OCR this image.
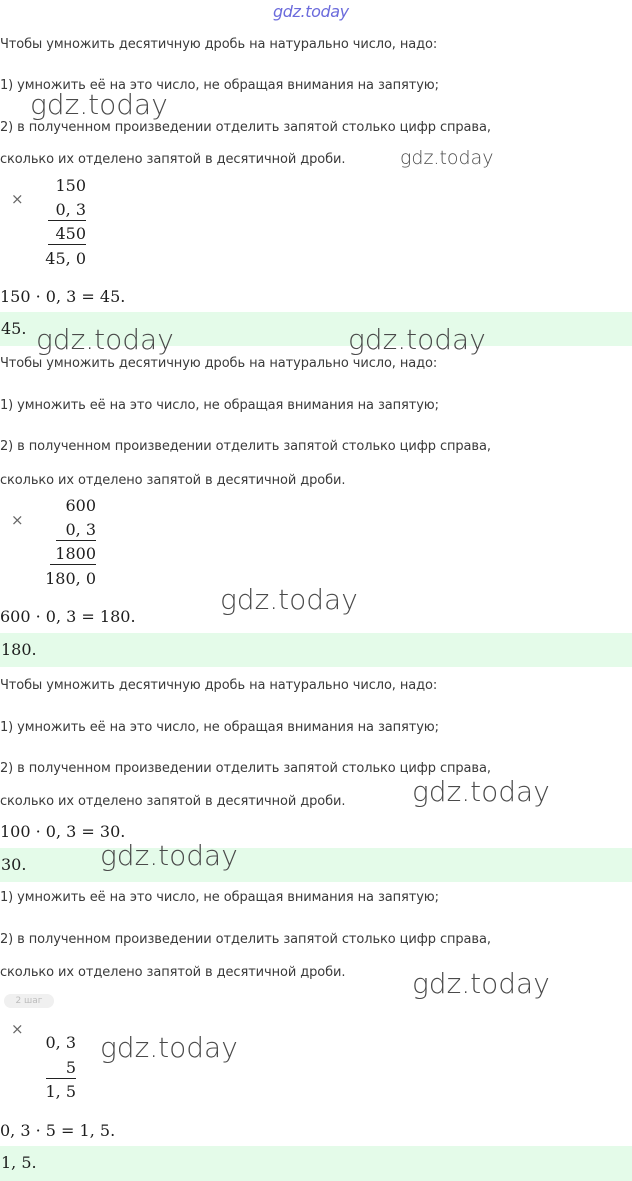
gdz.today
Чтобы умножить десятичную дробь на натурально число, надо:
1) умножить её на это число, не обращая внимания на запятую;
2) в полученном произведении отделить запятой столько цифр справа,
сколько их отделено запятой в десятичной дроби.
×
150
0, 3
450
45, 0
150 · 0, 3 = 45.
45.
Чтобы умножить десятичную дробь на натурально число, надо:
1) умножить её на это число, не обращая внимания на запятую;
2) в полученном произведении отделить запятой столько цифр справа,
сколько их отделено запятой в десятичной дроби.
×
600
0, 3
1800
180, 0
600 · 0, 3 = 180.
180.
Чтобы умножить десятичную дробь на натурально число, надо:
1) умножить её на это число, не обращая внимания на запятую;
2) в полученном произведении отделить запятой столько цифр справа,
сколько их отделено запятой в десятичной дроби.
100 · 0, 3 = 30.
30.
1) умножить её на это число, не обращая внимания на запятую;
2) в полученном произведении отделить запятой столько цифр справа,
сколько их отделено запятой в десятичной дроби.
2 шаг
×
0, 3
5
1, 5
0, 3 · 5 = 1, 5.
1, 5.
gdz.today
gdz.today
gdz.today	gdz.today
gdz.today
gdz.today
gdz.today
gdz.today
gdz.today
